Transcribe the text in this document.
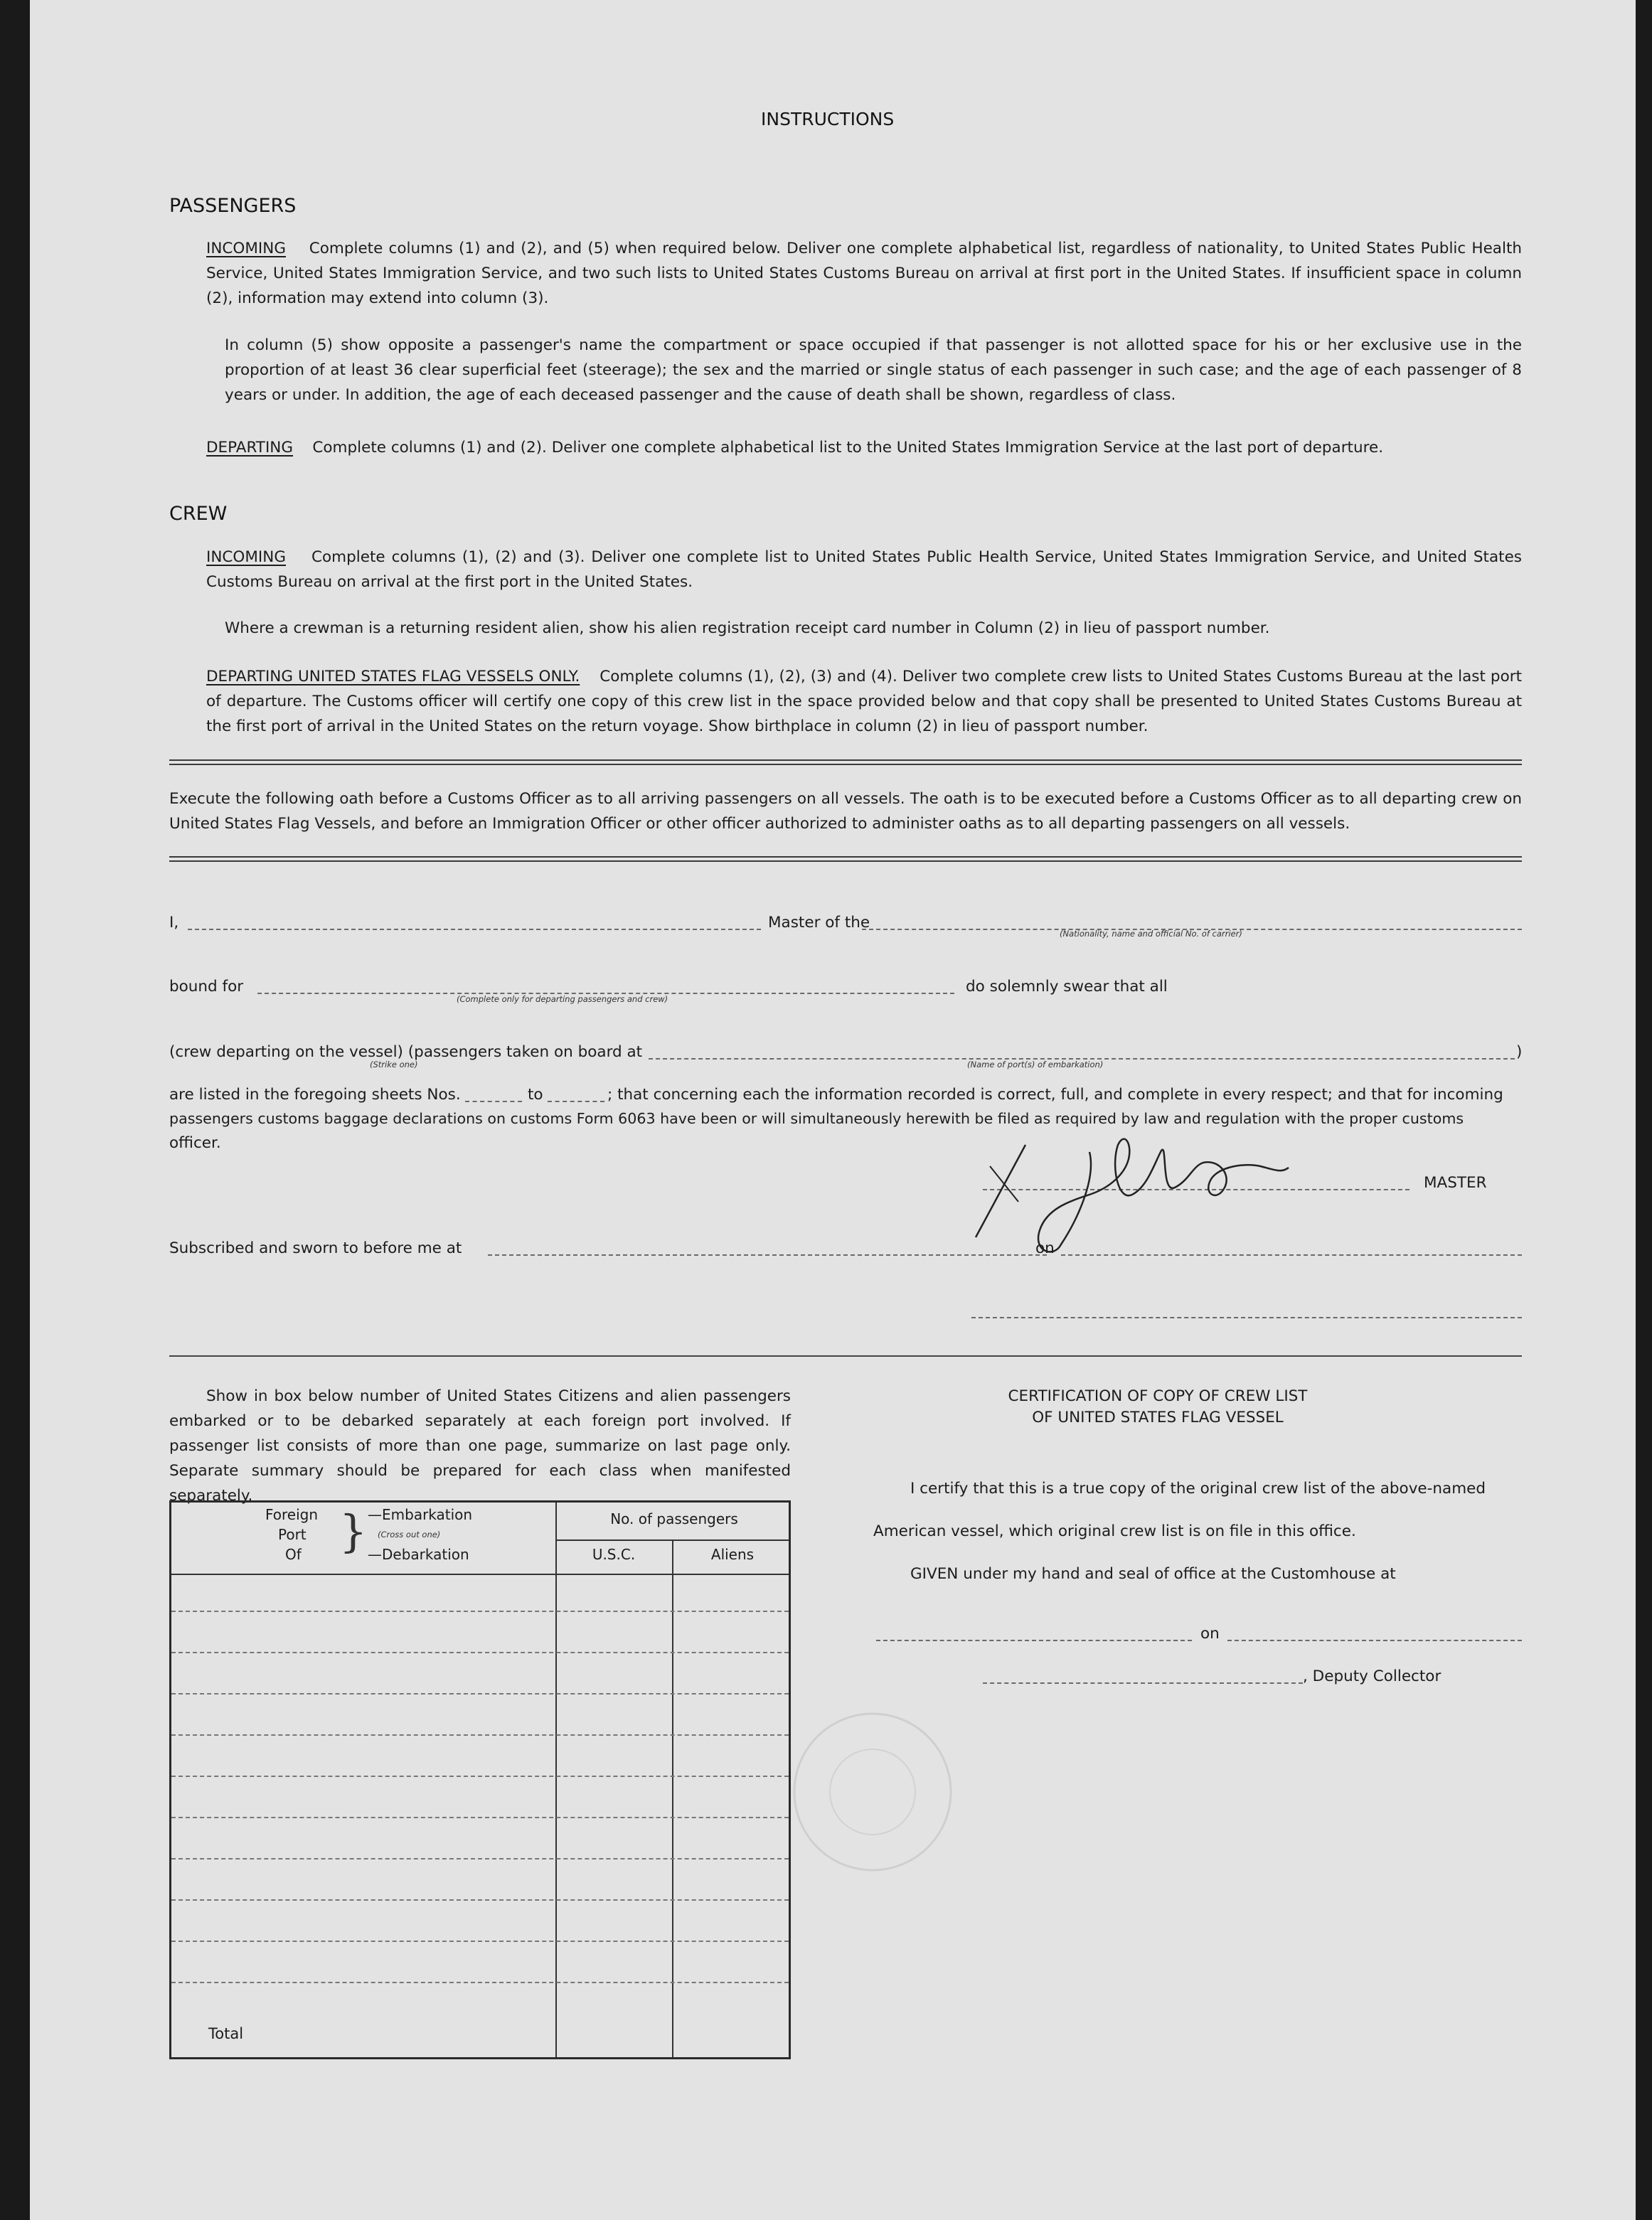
INSTRUCTIONS
PASSENGERS
INCOMING Complete columns (1) and (2), and (5) when required below. Deliver one complete alphabetical list, regardless of nationality, to United States Public Health Service, United States Immigration Service, and two such lists to United States Customs Bureau on arrival at first port in the United States. If insufficient space in column (2), information may extend into column (3).
In column (5) show opposite a passenger's name the compartment or space occupied if that passenger is not allotted space for his or her exclusive use in the proportion of at least 36 clear superficial feet (steerage); the sex and the married or single status of each passenger in such case; and the age of each passenger of 8 years or under. In addition, the age of each deceased passenger and the cause of death shall be shown, regardless of class.
DEPARTING Complete columns (1) and (2). Deliver one complete alphabetical list to the United States Immigration Service at the last port of departure.
CREW
INCOMING Complete columns (1), (2) and (3). Deliver one complete list to United States Public Health Service, United States Immigration Service, and United States Customs Bureau on arrival at the first port in the United States.
Where a crewman is a returning resident alien, show his alien registration receipt card number in Column (2) in lieu of passport number.
DEPARTING UNITED STATES FLAG VESSELS ONLY. Complete columns (1), (2), (3) and (4). Deliver two complete crew lists to United States Customs Bureau at the last port of departure. The Customs officer will certify one copy of this crew list in the space provided below and that copy shall be presented to United States Customs Bureau at the first port of arrival in the United States on the return voyage. Show birthplace in column (2) in lieu of passport number.
Execute the following oath before a Customs Officer as to all arriving passengers on all vessels. The oath is to be executed before a Customs Officer as to all departing crew on United States Flag Vessels, and before an Immigration Officer or other officer authorized to administer oaths as to all departing passengers on all vessels.
I,	Master of the
(Nationality, name and official No. of carrier)
bound for
(Complete only for departing passengers and crew)
do solemnly swear that all
(crew departing on the vessel) (passengers taken on board at	)
(Strike one)	(Name of port(s) of embarkation)
are listed in the foregoing sheets Nos.	to	; that concerning each the information recorded is correct, full, and complete in every respect; and that for incoming
passengers customs baggage declarations on customs Form 6063 have been or will simultaneously herewith be filed as required by law and regulation with the proper customs
officer.
MASTER
Subscribed and sworn to before me at	on
Show in box below number of United States Citizens and alien passengers embarked or to be debarked separately at each foreign port involved. If passenger list consists of more than one page, summarize on last page only. Separate summary should be prepared for each class when manifested separately.
Foreign
Port
Of } —Embarkation
(Cross out one)
—Debarkation
No. of passengers
U.S.C.	Aliens
Total
CERTIFICATION OF COPY OF CREW LIST
OF UNITED STATES FLAG VESSEL
I certify that this is a true copy of the original crew list of the above-named
American vessel, which original crew list is on file in this office.
GIVEN under my hand and seal of office at the Customhouse at
on
, Deputy Collector
